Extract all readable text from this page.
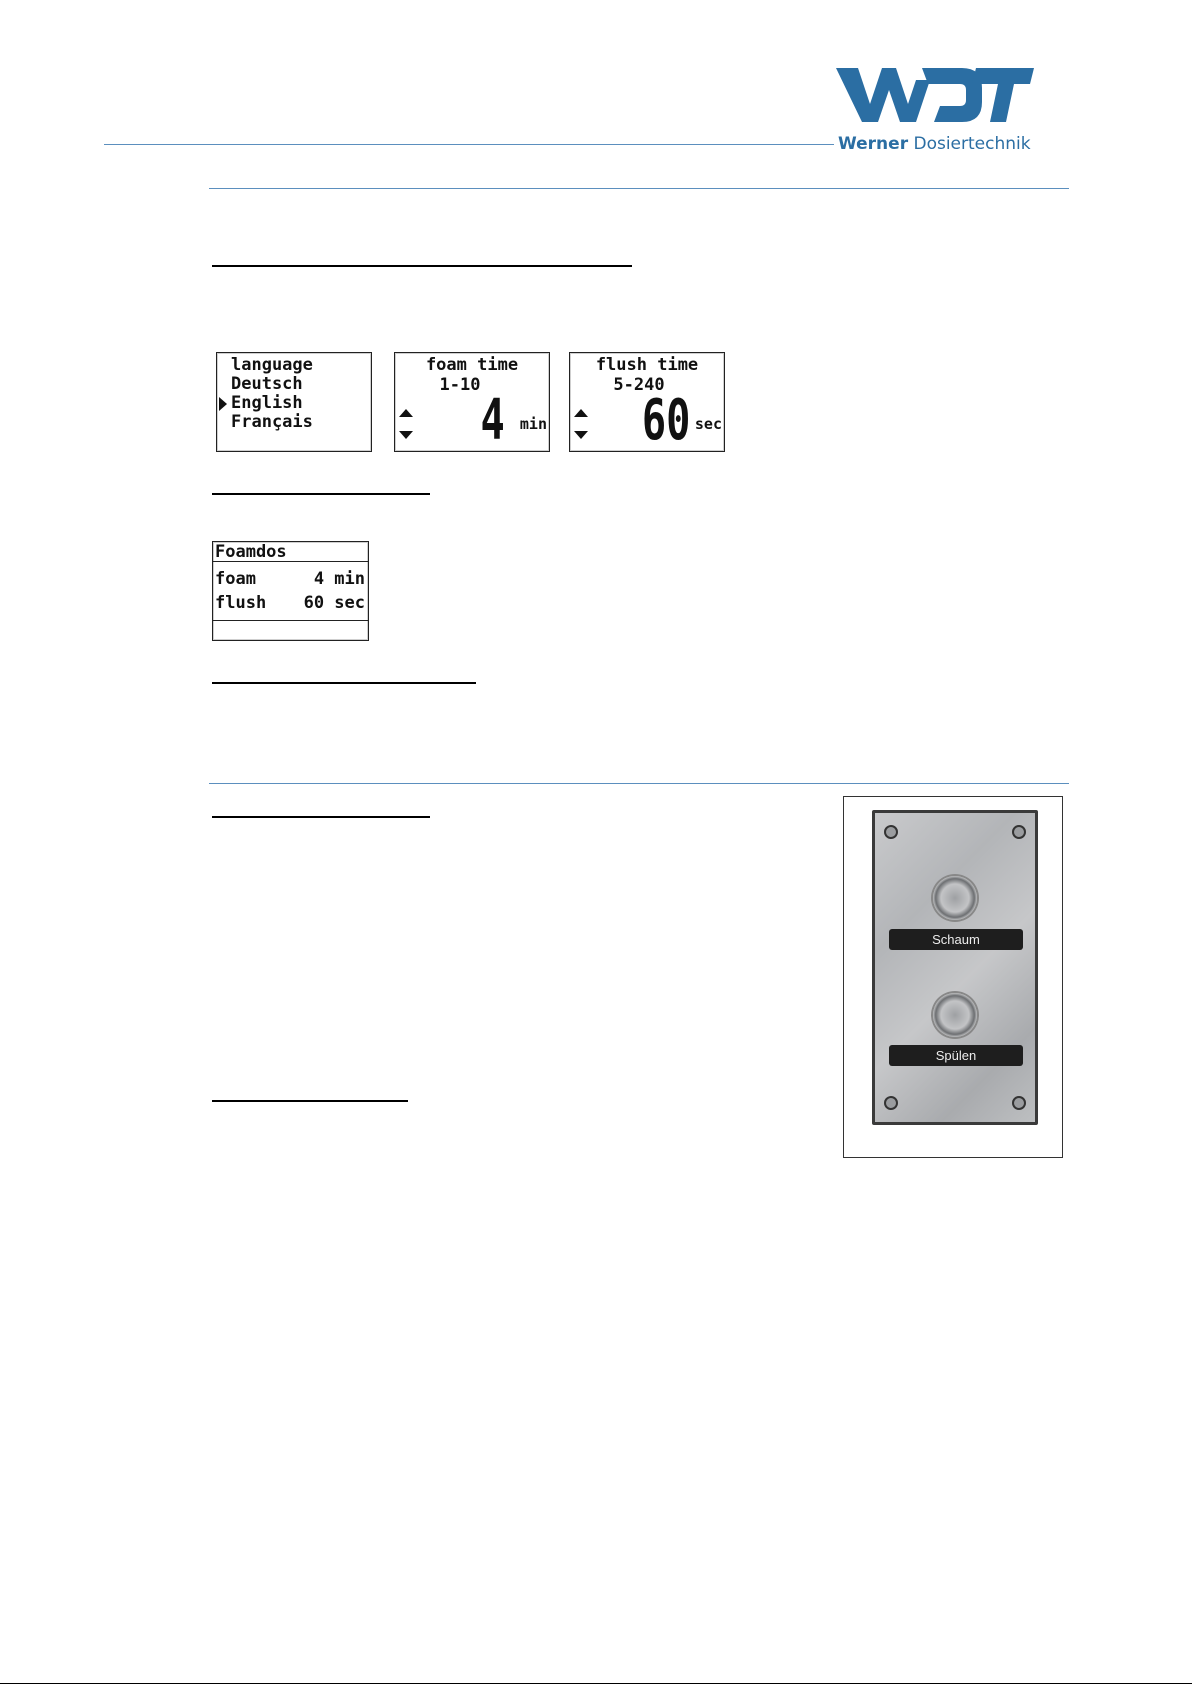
Werner Dosiertechnik
language
Deutsch
English
Français
foam time
1-10
4 min
flush time
5-240
60 sec
Foamdos
foam	4 min
flush 60 sec
Schaum
Spülen
